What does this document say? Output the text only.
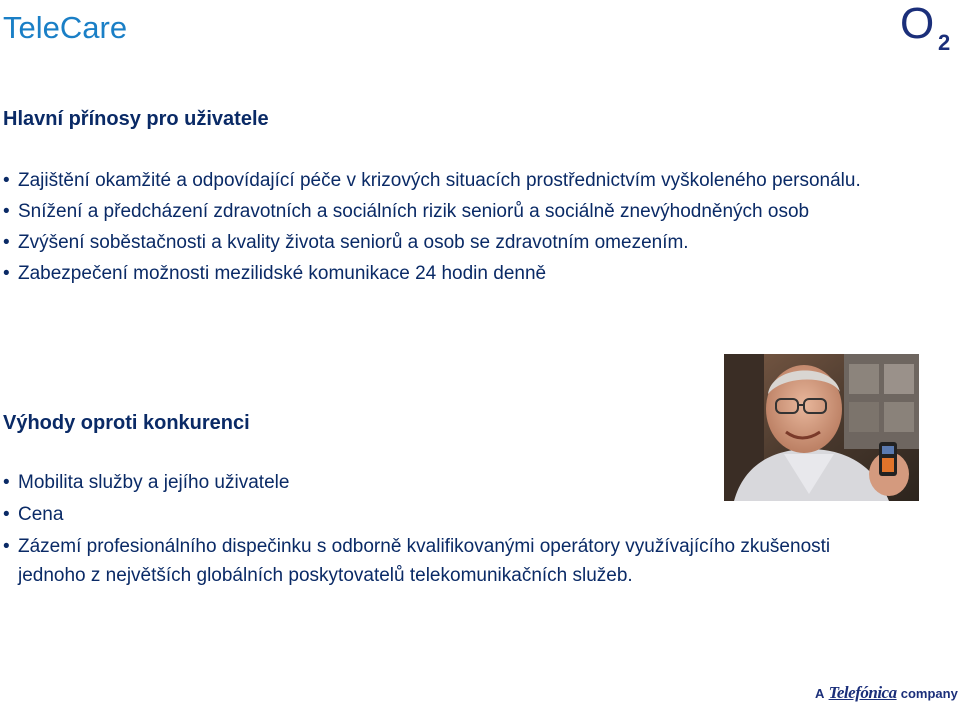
TeleCare	O 2
Hlavní přínosy pro uživatele
• Zajištění okamžité a odpovídající péče v krizových situacích prostřednictvím vyškoleného personálu.
• Snížení a předcházení zdravotních a sociálních rizik seniorů a sociálně znevýhodněných osob
• Zvýšení soběstačnosti a kvality života seniorů a osob se zdravotním omezením.
• Zabezpečení možnosti mezilidské komunikace 24 hodin denně
Výhody oproti konkurenci
• Mobilita služby a jejího uživatele
• Cena
• Zázemí profesionálního dispečinku s odborně kvalifikovanými operátory využívajícího zkušenosti jednoho z největších globálních poskytovatelů telekomunikačních služeb.
A Telefónica company
